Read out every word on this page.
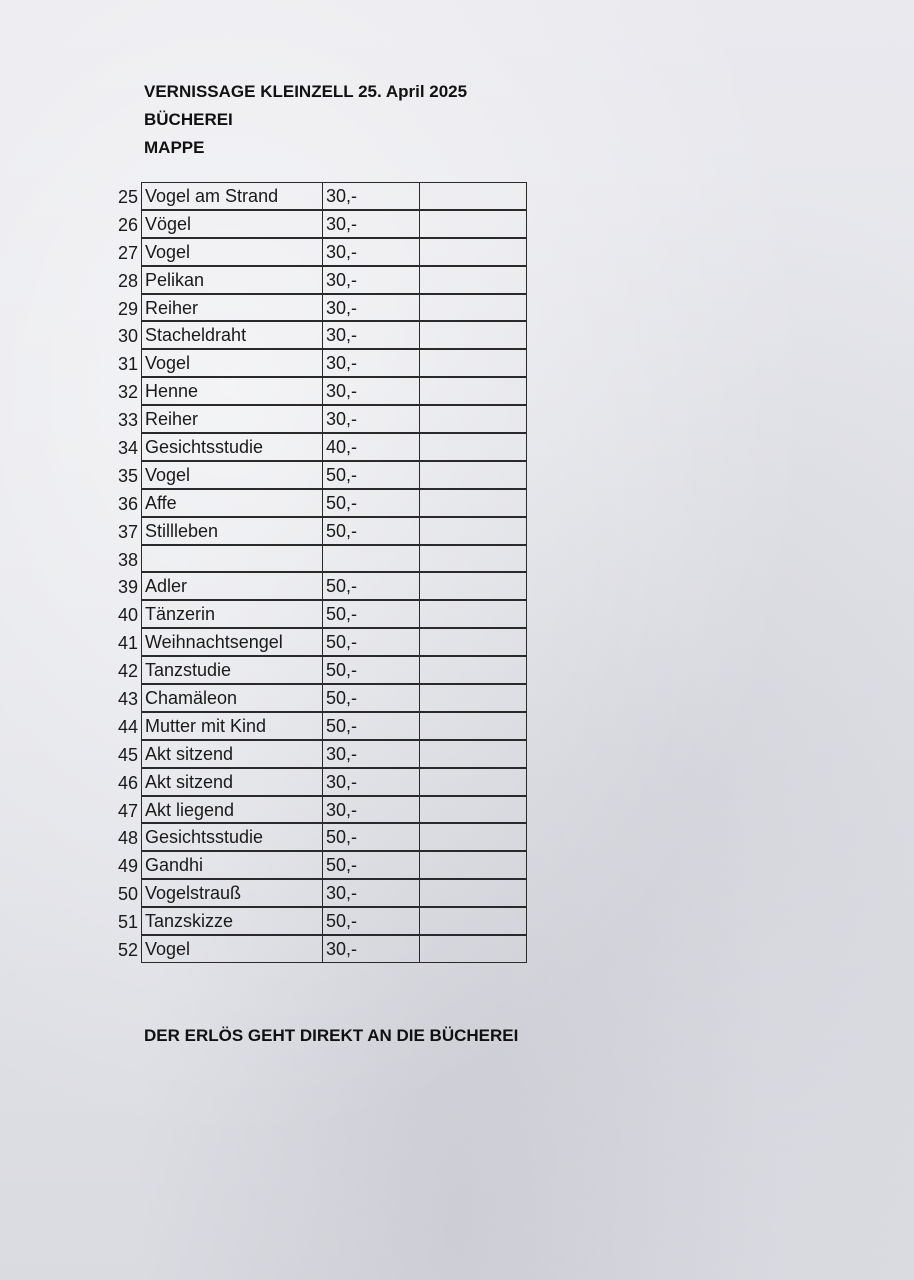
VERNISSAGE KLEINZELL 25. April 2025
BÜCHEREI
MAPPE
25 Vogel am Strand	30,-
26 Vögel	30,-
27 Vogel	30,-
28 Pelikan	30,-
29 Reiher	30,-
30 Stacheldraht	30,-
31 Vogel	30,-
32 Henne	30,-
33 Reiher	30,-
34 Gesichtsstudie	40,-
35 Vogel	50,-
36 Affe	50,-
37 Stillleben	50,-
38
39 Adler	50,-
40 Tänzerin	50,-
41 Weihnachtsengel	50,-
42 Tanzstudie	50,-
43 Chamäleon	50,-
44 Mutter mit Kind	50,-
45 Akt sitzend	30,-
46 Akt sitzend	30,-
47 Akt liegend	30,-
48 Gesichtsstudie	50,-
49 Gandhi	50,-
50 Vogelstrauß	30,-
51 Tanzskizze	50,-
52 Vogel	30,-
DER ERLÖS GEHT DIREKT AN DIE BÜCHEREI
